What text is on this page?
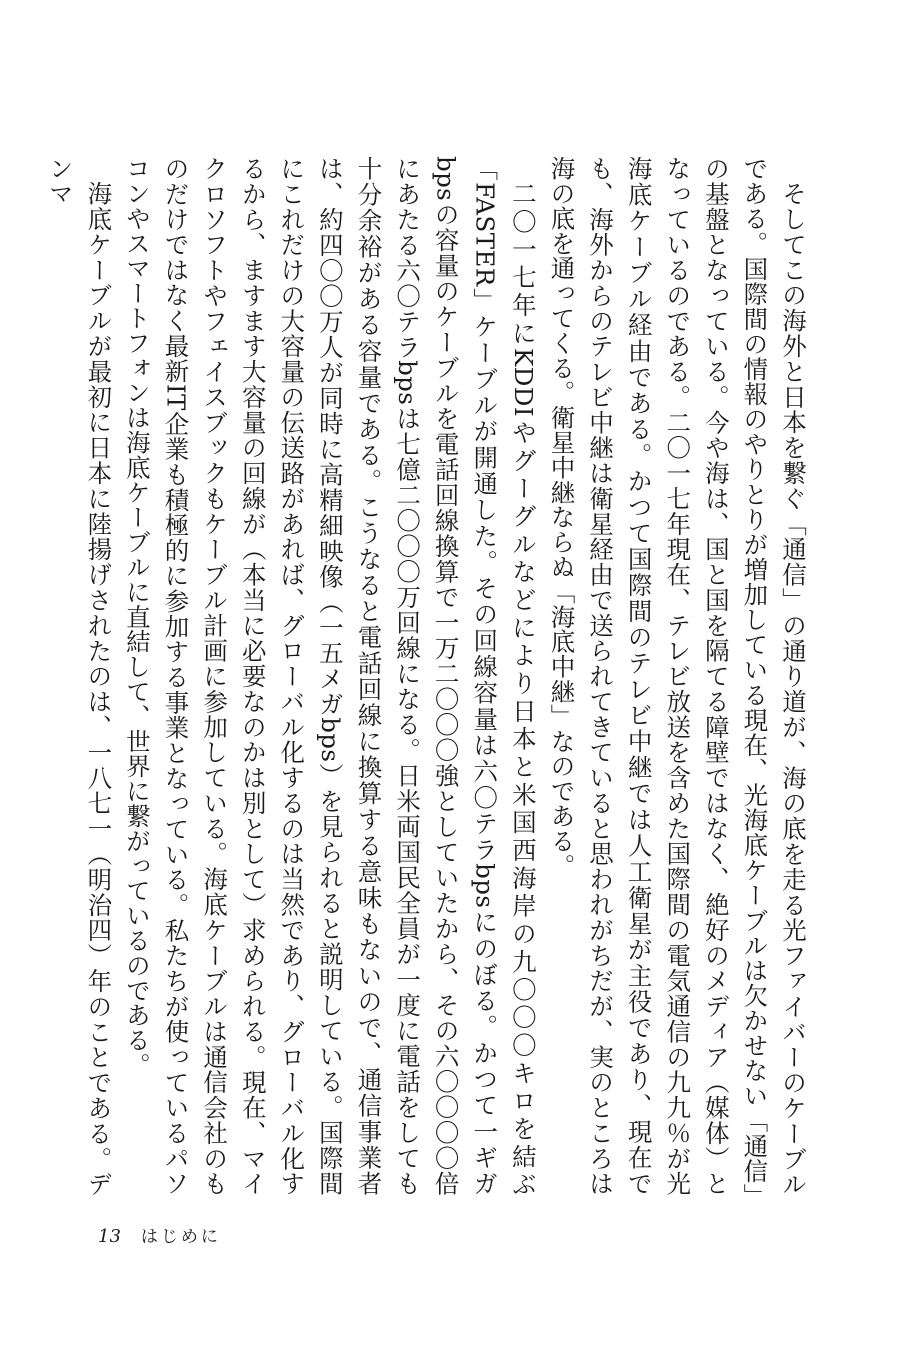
そしてこの海外と日本を繋ぐ「通信」の通り道が、海の底を走る光ファイバーのケーブルである。国際間の情報のやりとりが増加している現在、光海底ケーブルは欠かせない「通信」の基盤となっている。今や海は、国と国を隔てる障壁ではなく、絶好のメディア（媒体）となっているのである。二〇一七年現在、テレビ放送を含めた国際間の電気通信の九九％が光海底ケーブル経由である。かつて国際間のテレビ中継では人工衛星が主役であり、現在でも、海外からのテレビ中継は衛星経由で送られてきていると思われがちだが、実のところは海の底を通ってくる。衛星中継ならぬ「海底中継」なのである。

二〇一七年にKDDIやグーグルなどにより日本と米国西海岸の九〇〇〇キロを結ぶ「FASTER」ケーブルが開通した。その回線容量は六〇テラbpsにのぼる。かつて一ギガbpsの容量のケーブルを電話回線換算で一万二〇〇〇強としていたから、その六〇〇〇〇倍にあたる六〇テラbpsは七億二〇〇〇万回線になる。日米両国民全員が一度に電話をしても十分余裕がある容量である。こうなると電話回線に換算する意味もないので、通信事業者は、約四〇〇万人が同時に高精細映像（一五メガbps）を見られると説明している。国際間にこれだけの大容量の伝送路があれば、グローバル化するのは当然であり、グローバル化するから、ますます大容量の回線が（本当に必要なのかは別として）求められる。現在、マイクロソフトやフェイスブックもケーブル計画に参加している。海底ケーブルは通信会社のものだけではなく最新IT企業も積極的に参加する事業となっている。私たちが使っているパソコンやスマートフォンは海底ケーブルに直結して、世界に繋がっているのである。

海底ケーブルが最初に日本に陸揚げされたのは、一八七一（明治四）年のことである。デンマ

13 はじめに
